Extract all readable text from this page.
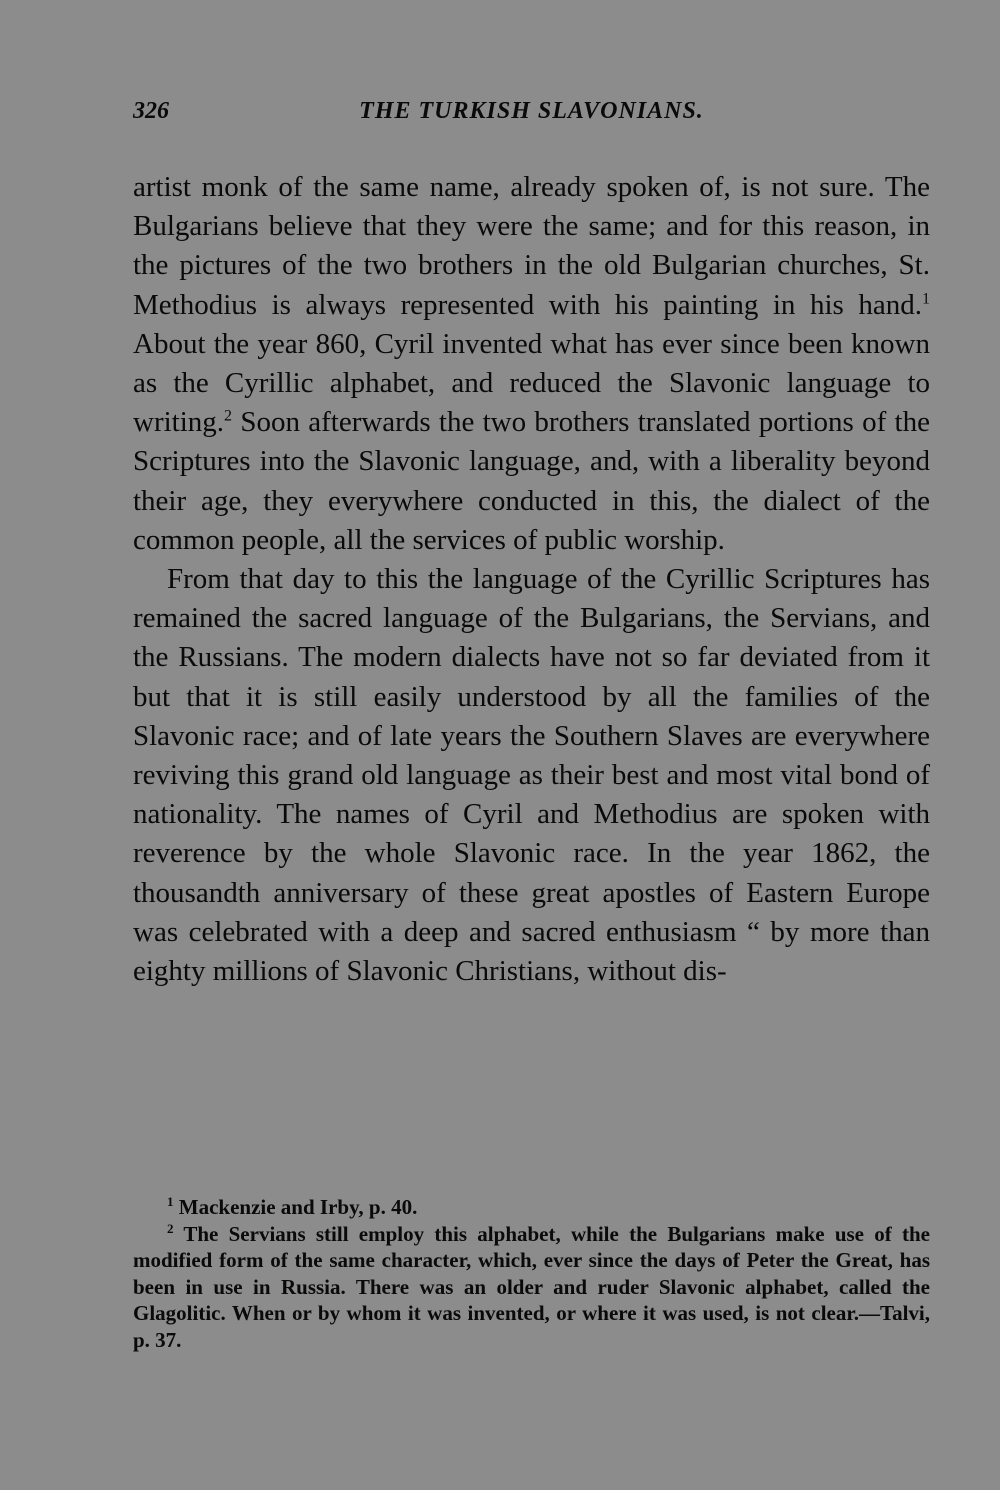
326	THE TURKISH SLAVONIANS.

artist monk of the same name, already spoken of, is not sure. The Bulgarians believe that they were the same; and for this reason, in the pictures of the two brothers in the old Bulgarian churches, St. Methodius is always represented with his painting in his hand.$^1$ About the year 860, Cyril invented what has ever since been known as the Cyrillic alphabet, and reduced the Slavonic language to writing.$^2$ Soon afterwards the two brothers translated portions of the Scriptures into the Slavonic language, and, with a liberality beyond their age, they everywhere conducted in this, the dialect of the common people, all the services of public worship.

From that day to this the language of the Cyrillic Scriptures has remained the sacred language of the Bulgarians, the Servians, and the Russians. The modern dialects have not so far deviated from it but that it is still easily understood by all the families of the Slavonic race; and of late years the Southern Slaves are everywhere reviving this grand old language as their best and most vital bond of nationality. The names of Cyril and Methodius are spoken with reverence by the whole Slavonic race. In the year 1862, the thousandth anniversary of these great apostles of Eastern Europe was celebrated with a deep and sacred enthusiasm “ by more than eighty millions of Slavonic Christians, without dis-

$^1$ Mackenzie and Irby, p. 40.

$^2$ The Servians still employ this alphabet, while the Bulgarians make use of the modified form of the same character, which, ever since the days of Peter the Great, has been in use in Russia. There was an older and ruder Slavonic alphabet, called the Glagolitic. When or by whom it was invented, or where it was used, is not clear.—Talvi, p. 37.
